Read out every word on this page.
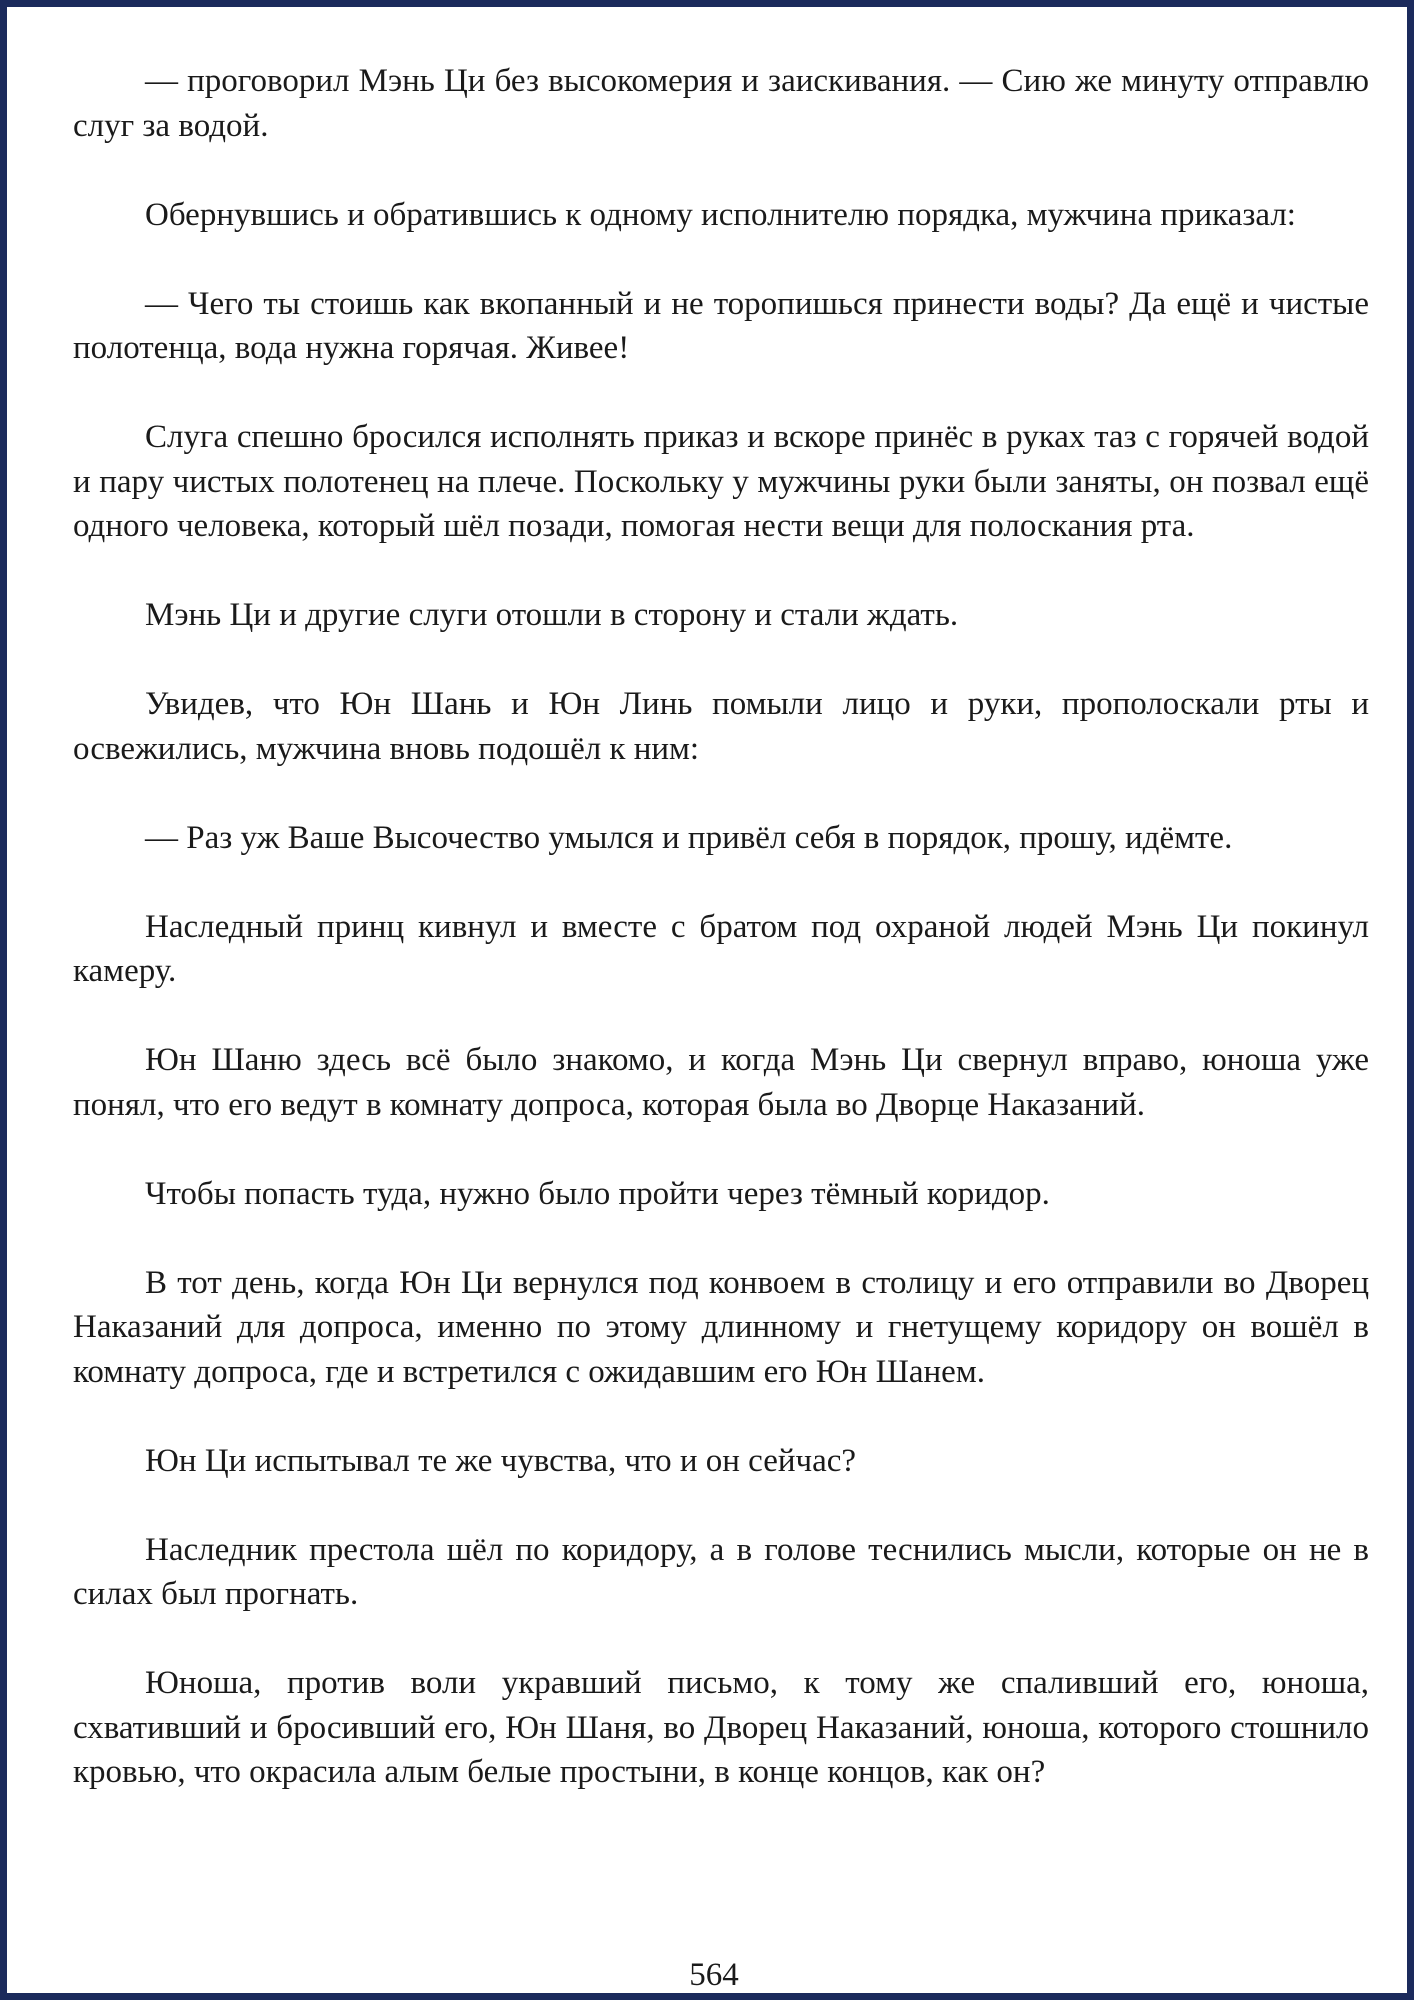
— проговорил Мэнь Ци без высокомерия и заискивания. — Сию же минуту отправлю слуг за водой.

Обернувшись и обратившись к одному исполнителю порядка, мужчина приказал:

— Чего ты стоишь как вкопанный и не торопишься принести воды? Да ещё и чистые полотенца, вода нужна горячая. Живее!

Слуга спешно бросился исполнять приказ и вскоре принёс в руках таз с горячей водой и пару чистых полотенец на плече. Поскольку у мужчины руки были заняты, он позвал ещё одного человека, который шёл позади, помогая нести вещи для полоскания рта.

Мэнь Ци и другие слуги отошли в сторону и стали ждать.

Увидев, что Юн Шань и Юн Линь помыли лицо и руки, прополоскали рты и освежились, мужчина вновь подошёл к ним:

— Раз уж Ваше Высочество умылся и привёл себя в порядок, прошу, идёмте.

Наследный принц кивнул и вместе с братом под охраной людей Мэнь Ци покинул камеру.

Юн Шаню здесь всё было знакомо, и когда Мэнь Ци свернул вправо, юноша уже понял, что его ведут в комнату допроса, которая была во Дворце Наказаний.

Чтобы попасть туда, нужно было пройти через тёмный коридор.

В тот день, когда Юн Ци вернулся под конвоем в столицу и его отправили во Дворец Наказаний для допроса, именно по этому длинному и гнетущему коридору он вошёл в комнату допроса, где и встретился с ожидавшим его Юн Шанем.

Юн Ци испытывал те же чувства, что и он сейчас?

Наследник престола шёл по коридору, а в голове теснились мысли, которые он не в силах был прогнать.

Юноша, против воли укравший письмо, к тому же спаливший его, юноша, схвативший и бросивший его, Юн Шаня, во Дворец Наказаний, юноша, которого стошнило кровью, что окрасила алым белые простыни, в конце концов, как он?

564
